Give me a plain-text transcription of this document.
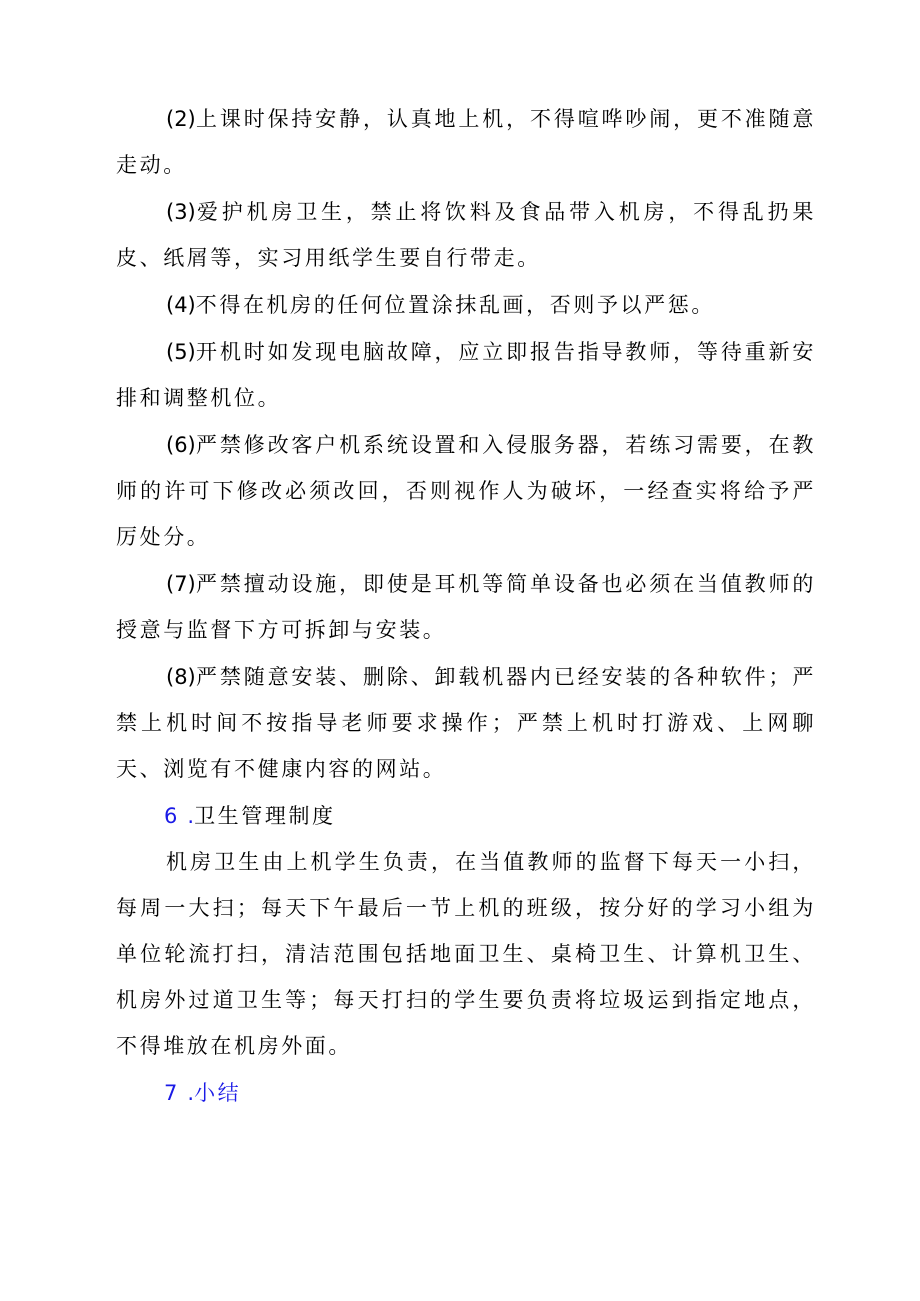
(2)上课时保持安静，认真地上机，不得喧哗吵闹，更不准随意走动。

(3)爱护机房卫生，禁止将饮料及食品带入机房，不得乱扔果皮、纸屑等，实习用纸学生要自行带走。

(4)不得在机房的任何位置涂抹乱画，否则予以严惩。

(5)开机时如发现电脑故障，应立即报告指导教师，等待重新安排和调整机位。

(6)严禁修改客户机系统设置和入侵服务器，若练习需要，在教师的许可下修改必须改回，否则视作人为破坏，一经查实将给予严厉处分。

(7)严禁擅动设施，即使是耳机等简单设备也必须在当值教师的授意与监督下方可拆卸与安装。

(8)严禁随意安装、删除、卸载机器内已经安装的各种软件；严禁上机时间不按指导老师要求操作；严禁上机时打游戏、上网聊天、浏览有不健康内容的网站。

6 .卫生管理制度

机房卫生由上机学生负责，在当值教师的监督下每天一小扫，每周一大扫；每天下午最后一节上机的班级，按分好的学习小组为单位轮流打扫，清洁范围包括地面卫生、桌椅卫生、计算机卫生、机房外过道卫生等；每天打扫的学生要负责将垃圾运到指定地点，不得堆放在机房外面。

7 .小结
